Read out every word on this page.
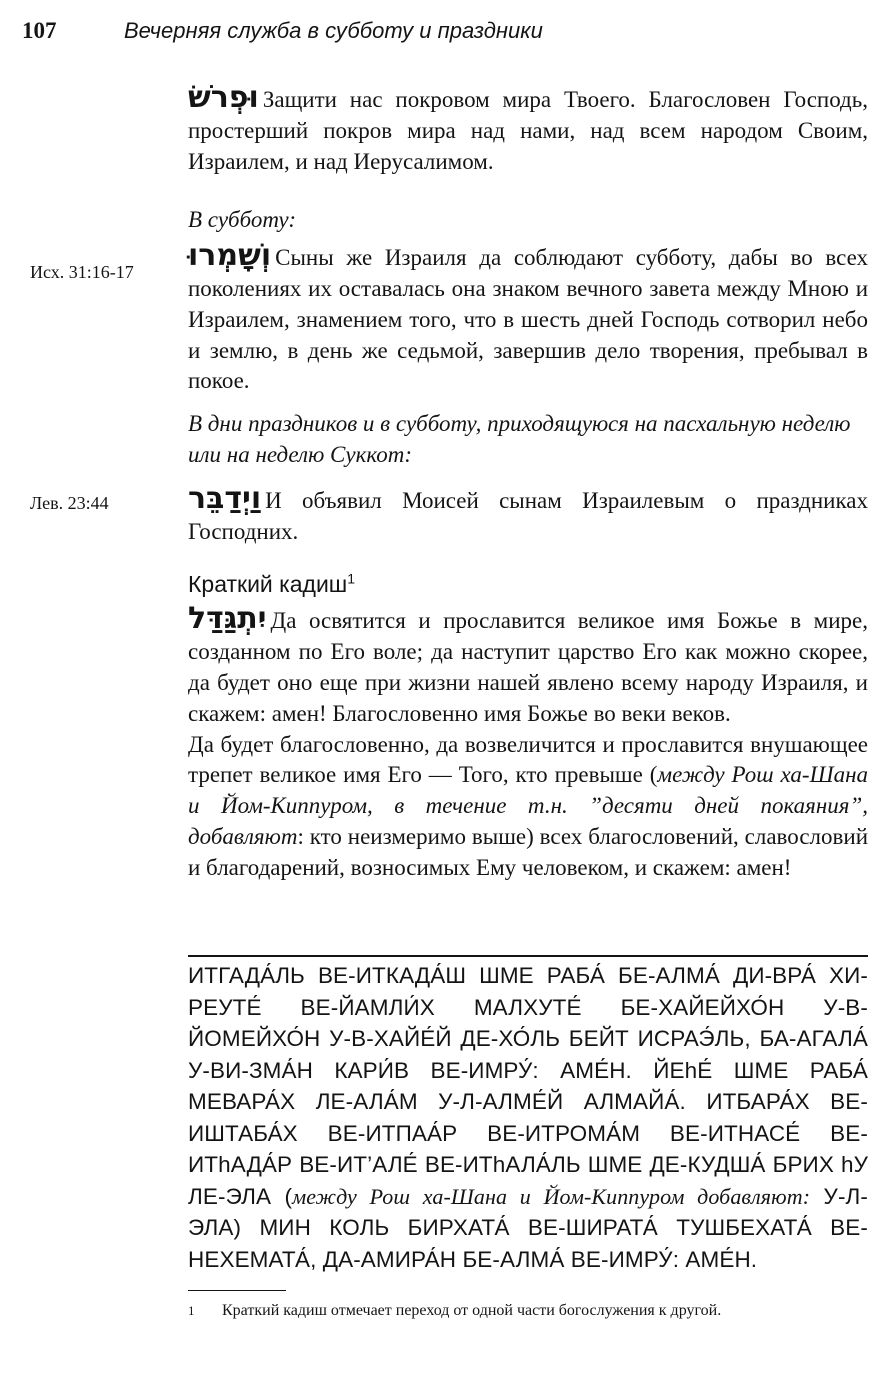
107	Вечерняя служба в субботу и праздники
Исх. 31:16-17
Лев. 23:44

וּפְרֹשׂ Защити нас покровом мира Твоего. Благословен Господь, простерший покров мира над нами, над всем народом Своим, Израилем, и над Иерусалимом.

В субботу:

וְשָׁמְרוּ Сыны же Израиля да соблюдают субботу, дабы во всех поколениях их оставалась она знаком вечного завета между Мною и Израилем, знамением того, что в шесть дней Господь сотворил небо и землю, в день же седьмой, завершив дело творения, пребывал в покое.

В дни праздников и в субботу, приходящуюся на пасхальную неделю или на неделю Суккот:

וַיְדַבֵּר И объявил Моисей сынам Израилевым о праздниках Господних.

Краткий кадиш$^1$

יִתְגַּדַּל Да освятится и прославится великое имя Божье в мире, созданном по Его воле; да наступит царство Его как можно скорее, да будет оно еще при жизни нашей явлено всему народу Израиля, и скажем: амен! Благословенно имя Божье во веки веков.

Да будет благословенно, да возвеличится и прославится внушающее трепет великое имя Его — Того, кто превыше (между Рош ха-Шана и Йом-Киппуром, в течение т.н. ”десяти дней покаяния”, добавляют: кто неизмеримо выше) всех благословений, славословий и благодарений, возносимых Ему человеком, и скажем: амен!

ИТГАДА́ЛЬ ВЕ-ИТКАДА́Ш ШМЕ РАБА́ БЕ-АЛМА́ ДИ-ВРА́ ХИ-РЕУТЕ́ ВЕ-ЙАМЛИ́Х МАЛХУТЕ́ БЕ-ХАЙЕЙХО́Н У-В-ЙОМЕЙХО́Н У-В-ХАЙЕ́Й ДЕ-ХО́ЛЬ БЕЙТ ИСРАЭ́ЛЬ, БА-АГАЛА́ У-ВИ-ЗМА́Н КАРИ́В ВЕ-ИМРУ́: АМЕ́Н. ЙЕhЕ́ ШМЕ РАБА́ МЕВАРА́Х ЛЕ-АЛА́М У-Л-АЛМЕ́Й АЛМАЙА́. ИТБАРА́Х ВЕ-ИШТАБА́Х ВЕ-ИТПАА́Р ВЕ-ИТРОМА́М ВЕ-ИТНАСЕ́ ВЕ-ИТhАДА́Р ВЕ-ИТ’АЛЕ́ ВЕ-ИТhАЛА́ЛЬ ШМЕ ДЕ-КУДША́ БРИХ hУ ЛЕ-ЭЛА (между Рош ха-Шана и Йом-Киппуром добавляют: У-Л-ЭЛА) МИН КОЛЬ БИРХАТА́ ВЕ-ШИРАТА́ ТУШБЕХАТА́ ВЕ-НЕХЕМАТА́, ДА-АМИРА́Н БЕ-АЛМА́ ВЕ-ИМРУ́: АМЕ́Н.

1 Краткий кадиш отмечает переход от одной части богослужения к другой.
